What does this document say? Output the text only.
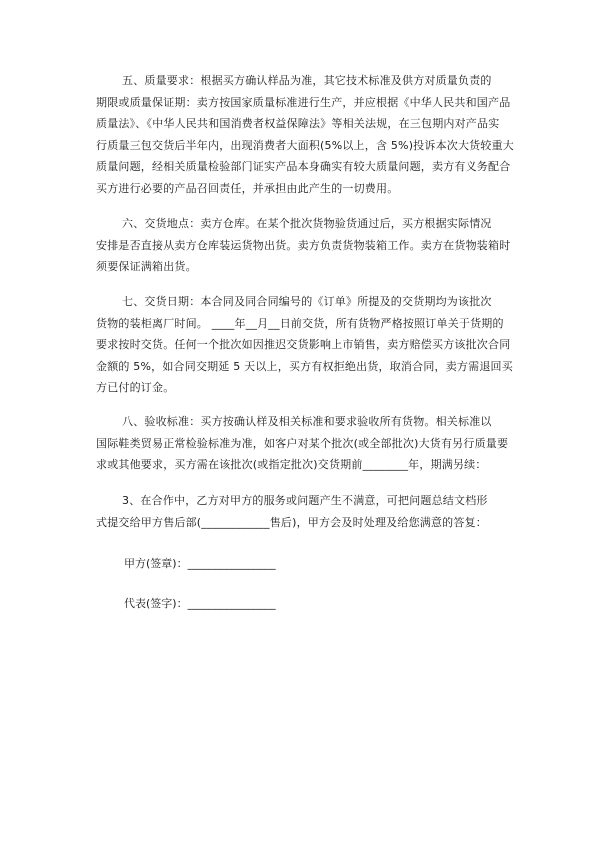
五、质量要求：根据买方确认样品为准，其它技术标准及供方对质量负责的
期限或质量保证期：卖方按国家质量标准进行生产，并应根据《中华人民共和国产品
质量法》、《中华人民共和国消费者权益保障法》等相关法规，在三包期内对产品实
行质量三包交货后半年内，出现消费者大面积(5%以上，含 5%)投诉本次大货较重大
质量问题，经相关质量检验部门证实产品本身确实有较大质量问题，卖方有义务配合
买方进行必要的产品召回责任，并承担由此产生的一切费用。

六、交货地点：卖方仓库。在某个批次货物验货通过后，买方根据实际情况
安排是否直接从卖方仓库装运货物出货。卖方负责货物装箱工作。卖方在货物装箱时
须要保证满箱出货。

七、交货日期：本合同及同合同编号的《订单》所提及的交货期均为该批次
货物的装柜离厂时间。 ____年__月__日前交货，所有货物严格按照订单关于货期的
要求按时交货。任何一个批次如因推迟交货影响上市销售，卖方赔偿买方该批次合同
金额的 5%，如合同交期延 5 天以上，买方有权拒绝出货，取消合同，卖方需退回买
方已付的订金。

八、验收标准：买方按确认样及相关标准和要求验收所有货物。相关标准以
国际鞋类贸易正常检验标准为准，如客户对某个批次(或全部批次)大货有另行质量要
求或其他要求，买方需在该批次(或指定批次)交货期前________年，期满另续：

3、在合作中，乙方对甲方的服务或问题产生不满意，可把问题总结文档形
式提交给甲方售后部(____________售后)，甲方会及时处理及给您满意的答复：

甲方(签章)：________________
代表(签字)：________________
